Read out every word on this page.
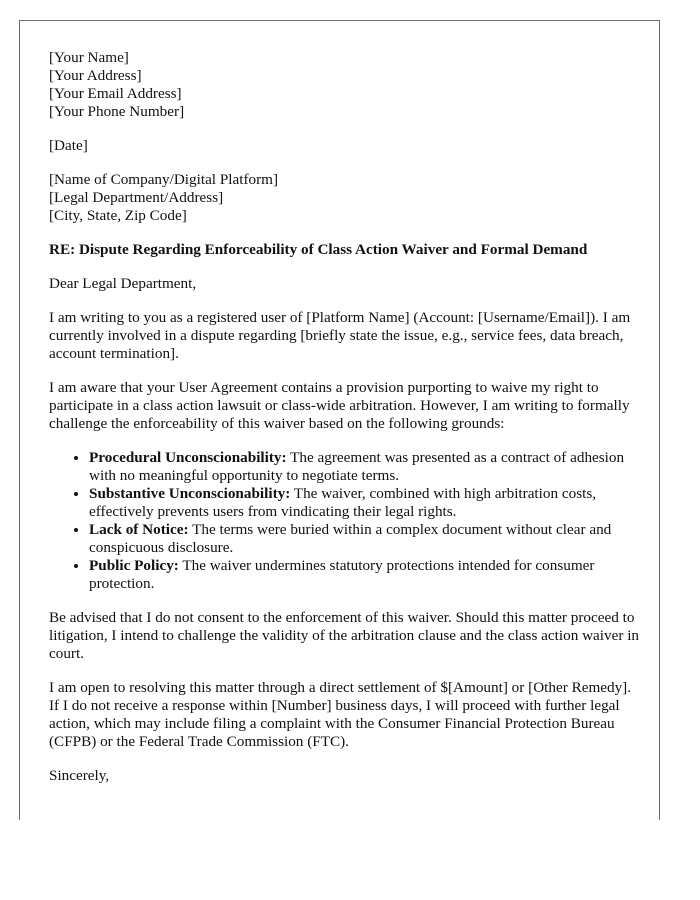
[Your Name]
[Your Address]
[Your Email Address]
[Your Phone Number]
[Date]
[Name of Company/Digital Platform]
[Legal Department/Address]
[City, State, Zip Code]

RE: Dispute Regarding Enforceability of Class Action Waiver and Formal Demand

Dear Legal Department,

I am writing to you as a registered user of [Platform Name] (Account: [Username/Email]). I am currently involved in a dispute regarding [briefly state the issue, e.g., service fees, data breach, account termination].

I am aware that your User Agreement contains a provision purporting to waive my right to participate in a class action lawsuit or class-wide arbitration. However, I am writing to formally challenge the enforceability of this waiver based on the following grounds:

• Procedural Unconscionability: The agreement was presented as a contract of adhesion with no meaningful opportunity to negotiate terms.
• Substantive Unconscionability: The waiver, combined with high arbitration costs, effectively prevents users from vindicating their legal rights.
• Lack of Notice: The terms were buried within a complex document without clear and conspicuous disclosure.
• Public Policy: The waiver undermines statutory protections intended for consumer protection.

Be advised that I do not consent to the enforcement of this waiver. Should this matter proceed to litigation, I intend to challenge the validity of the arbitration clause and the class action waiver in court.

I am open to resolving this matter through a direct settlement of $[Amount] or [Other Remedy]. If I do not receive a response within [Number] business days, I will proceed with further legal action, which may include filing a complaint with the Consumer Financial Protection Bureau (CFPB) or the Federal Trade Commission (FTC).

Sincerely,
